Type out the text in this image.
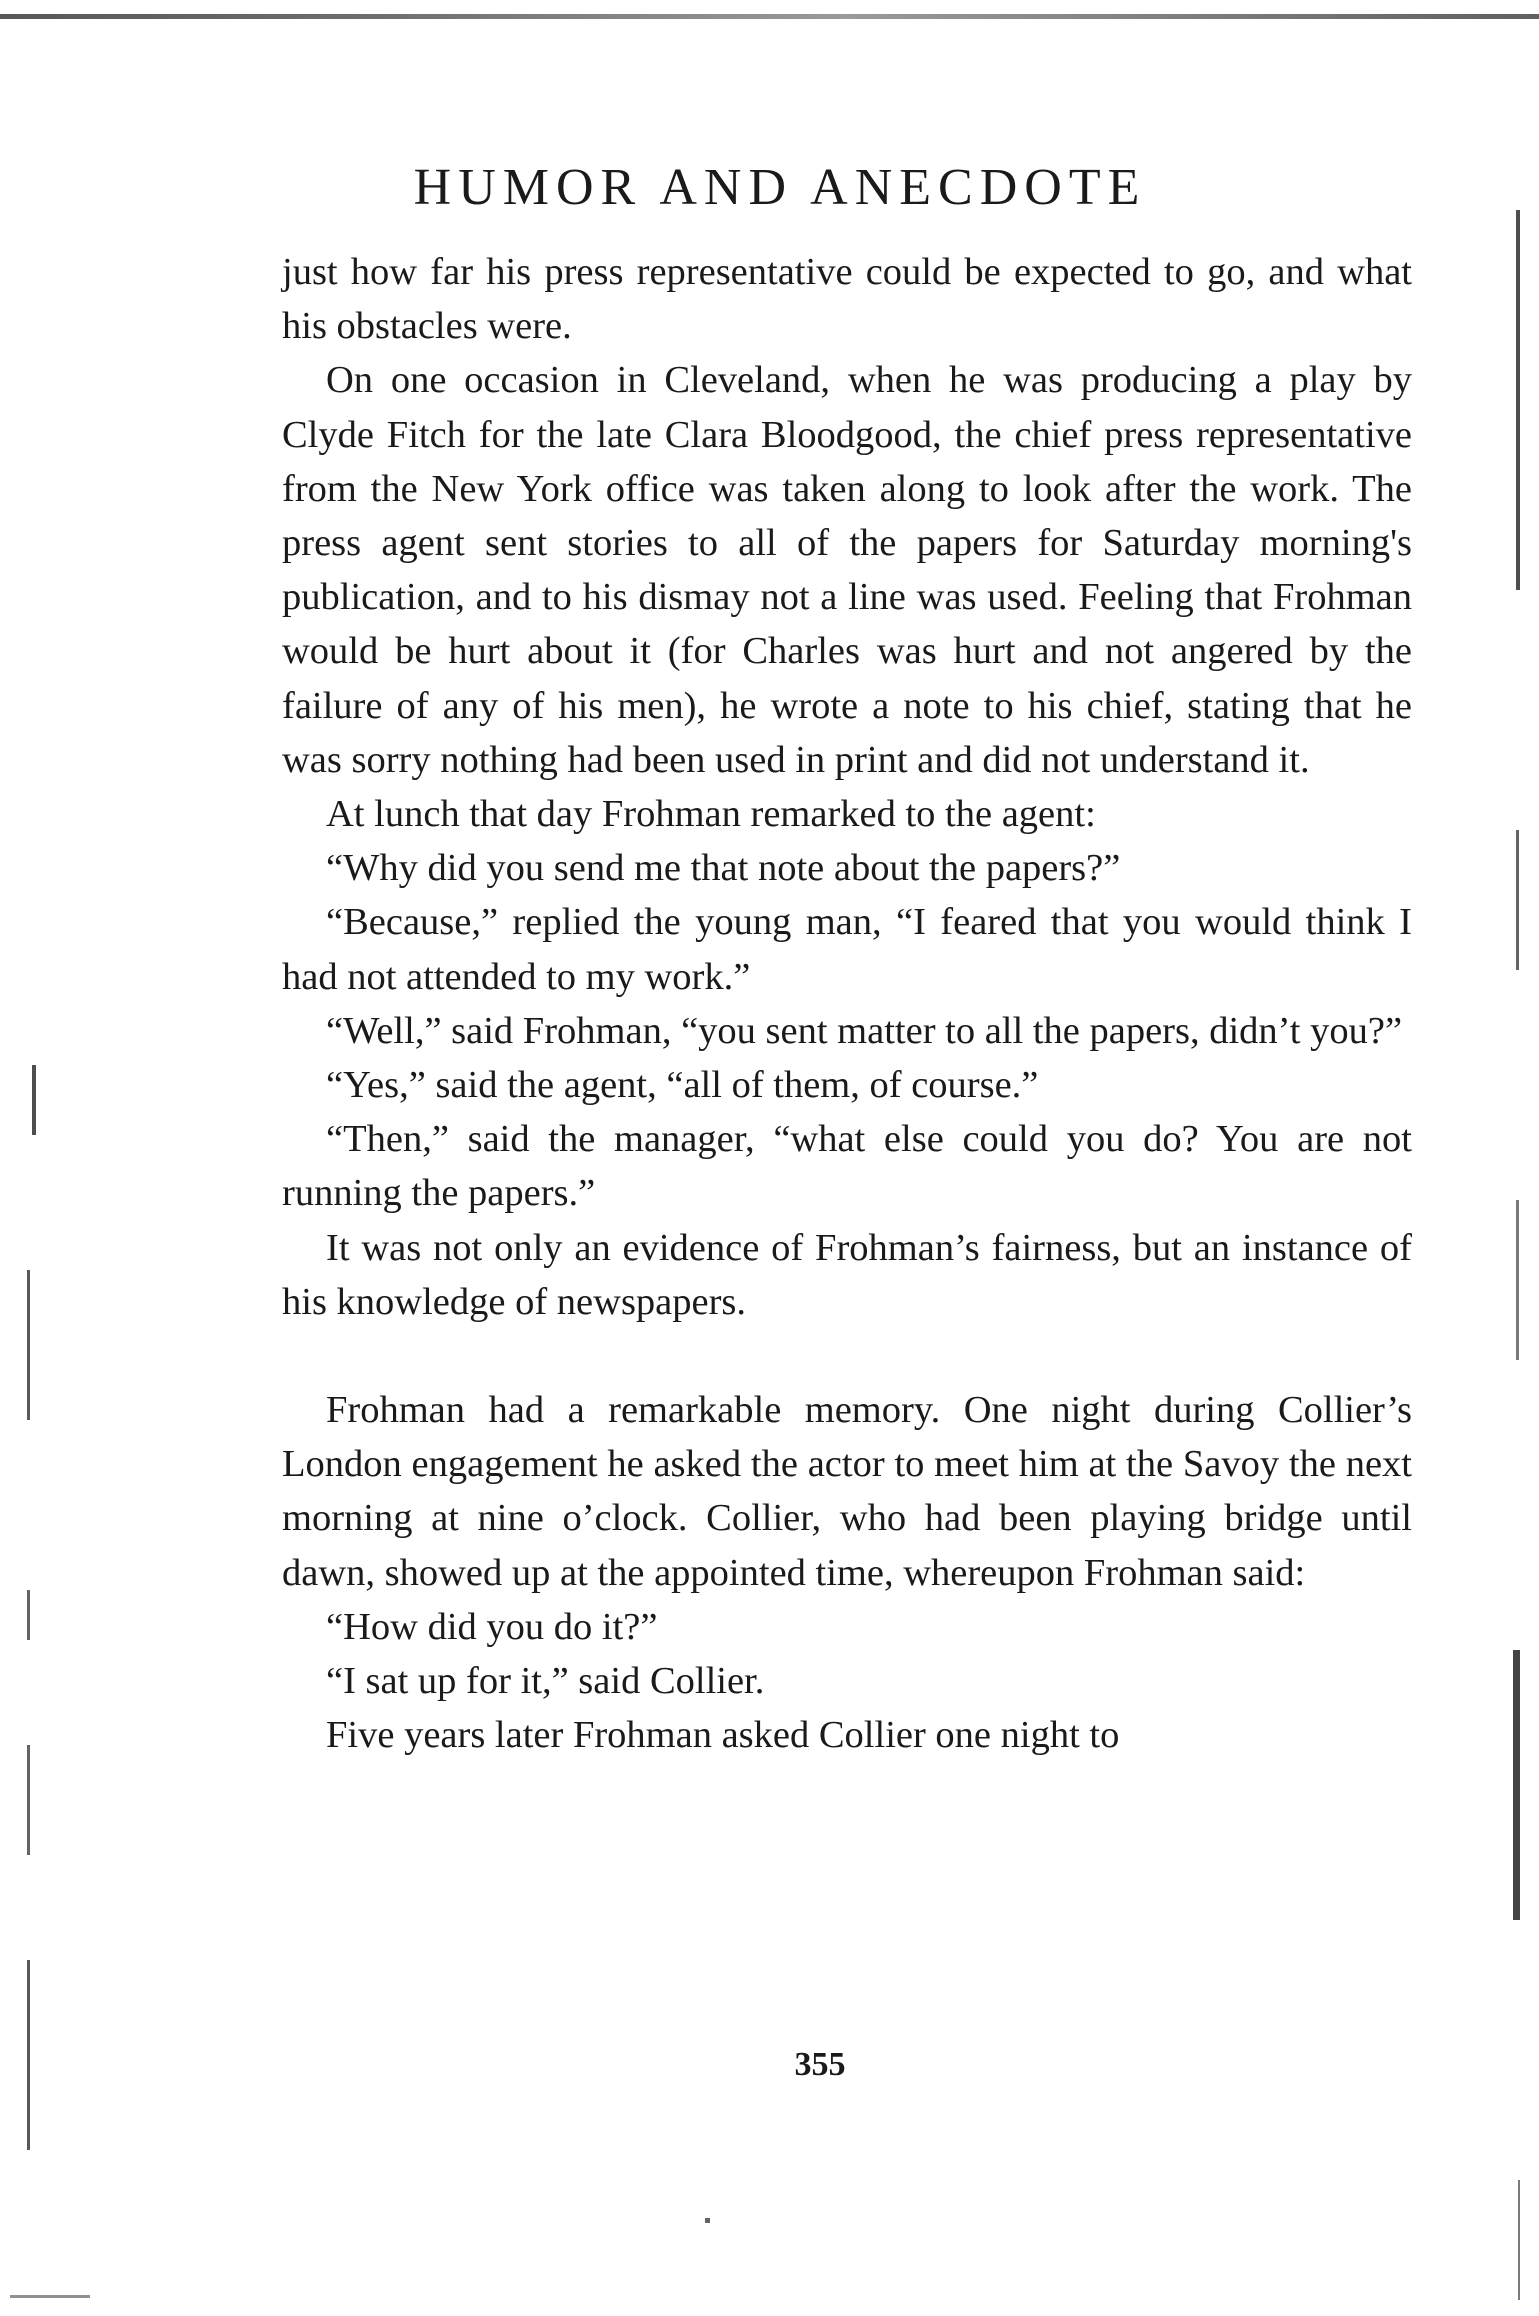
HUMOR AND ANECDOTE

just how far his press representative could be expected to go, and what his obstacles were.

On one occasion in Cleveland, when he was producing a play by Clyde Fitch for the late Clara Bloodgood, the chief press representative from the New York office was taken along to look after the work. The press agent sent stories to all of the papers for Saturday morning's publication, and to his dismay not a line was used. Feeling that Frohman would be hurt about it (for Charles was hurt and not angered by the failure of any of his men), he wrote a note to his chief, stating that he was sorry nothing had been used in print and did not understand it.

At lunch that day Frohman remarked to the agent:

“Why did you send me that note about the papers?”

“Because,” replied the young man, “I feared that you would think I had not attended to my work.”

“Well,” said Frohman, “you sent matter to all the papers, didn’t you?”

“Yes,” said the agent, “all of them, of course.”

“Then,” said the manager, “what else could you do? You are not running the papers.”

It was not only an evidence of Frohman’s fairness, but an instance of his knowledge of newspapers.

Frohman had a remarkable memory. One night during Collier’s London engagement he asked the actor to meet him at the Savoy the next morning at nine o’clock. Collier, who had been playing bridge until dawn, showed up at the appointed time, whereupon Frohman said:

“How did you do it?”

“I sat up for it,” said Collier.

Five years later Frohman asked Collier one night to

355
